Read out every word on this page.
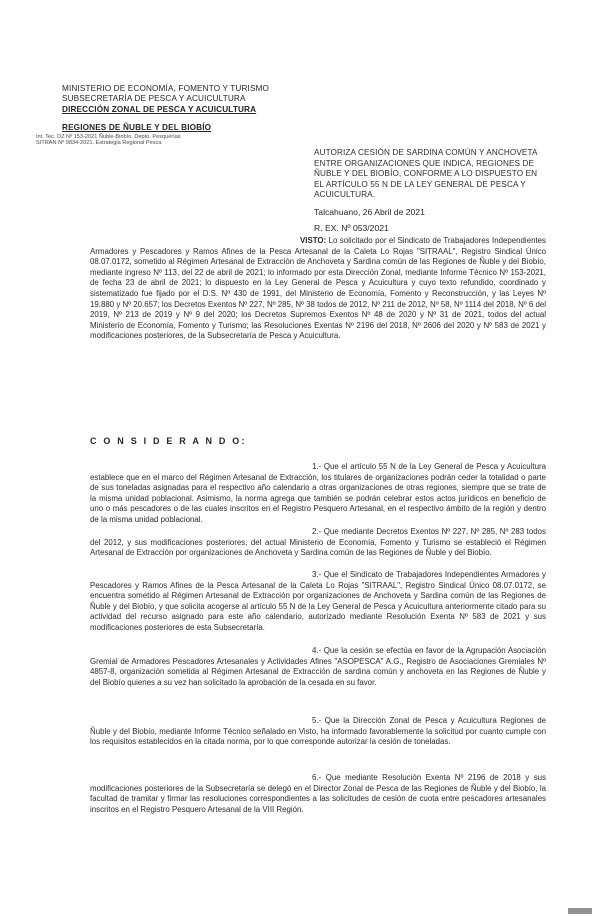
MINISTERIO DE ECONOMÍA, FOMENTO Y TURISMO
SUBSECRETARÍA DE PESCA Y ACUICULTURA
DIRECCIÓN ZONAL DE PESCA Y ACUICULTURA
REGIONES DE ÑUBLE Y DEL BIOBÍO
Int. Tec. DZ Nº 153-2021 Ñuble-Biobío. Depto. Pesquerías
SITRAN Nº 9834-2021. Estrategia Regional Pesca
AUTORIZA CESIÓN DE SARDINA COMÚN Y ANCHOVETA ENTRE ORGANIZACIONES QUE INDICA, REGIONES DE ÑUBLE Y DEL BIOBÍO, CONFORME A LO DISPUESTO EN EL ARTÍCULO 55 N DE LA LEY GENERAL DE PESCA Y ACUICULTURA.
Talcahuano, 26 Abril de 2021
R. EX. Nº 053/2021
VISTO: Lo solicitado por el Sindicato de Trabajadores Independientes Armadores y Pescadores y Ramos Afines de la Pesca Artesanal de la Caleta Lo Rojas "SITRAAL", Registro Sindical Único 08.07.0172, sometido al Régimen Artesanal de Extracción de Anchoveta y Sardina común de las Regiones de Ñuble y del Biobío, mediante ingreso Nº 113, del 22 de abril de 2021; lo informado por esta Dirección Zonal, mediante Informe Técnico Nº 153-2021, de fecha 23 de abril de 2021; lo dispuesto en la Ley General de Pesca y Acuicultura y cuyo texto refundido, coordinado y sistematizado fue fijado por el D.S. Nº 430 de 1991, del Ministerio de Economía, Fomento y Reconstrucción, y las Leyes Nº 19.880 y Nº 20.657; los Decretos Exentos Nº 227, Nº 285, Nº 38 todos de 2012, Nº 211 de 2012, Nº 58, Nº 1114 del 2018, Nº 6 del 2019, Nº 213 de 2019 y Nº 9 del 2020; los Decretos Supremos Exentos Nº 48 de 2020 y Nº 31 de 2021, todos del actual Ministerio de Economía, Fomento y Turismo; las Resoluciones Exentas Nº 2196 del 2018, Nº 2606 del 2020 y Nº 583 de 2021 y modificaciones posteriores, de la Subsecretaría de Pesca y Acuicultura.
C O N S I D E R A N D O:
1.- Que el artículo 55 N de la Ley General de Pesca y Acuicultura establece que en el marco del Régimen Artesanal de Extracción, los titulares de organizaciones podrán ceder la totalidad o parte de sus toneladas asignadas para el respectivo año calendario a otras organizaciones de otras regiones, siempre que se trate de la misma unidad poblacional. Asimismo, la norma agrega que también se podrán celebrar estos actos jurídicos en beneficio de uno o más pescadores o de las cuales inscritos en el Registro Pesquero Artesanal, en el respectivo ámbito de la región y dentro de la misma unidad poblacional.
2.- Que mediante Decretos Exentos Nº 227, Nº 285, Nº 283 todos del 2012, y sus modificaciones posteriores, del actual Ministerio de Economía, Fomento y Turismo se estableció el Régimen Artesanal de Extracción por organizaciones de Anchoveta y Sardina común de las Regiones de Ñuble y del Biobío.
3.- Que el Sindicato de Trabajadores Independientes Armadores y Pescadores y Ramos Afines de la Pesca Artesanal de la Caleta Lo Rojas "SITRAAL", Registro Sindical Único 08.07.0172, se encuentra sometido al Régimen Artesanal de Extracción por organizaciones de Anchoveta y Sardina común de las Regiones de Ñuble y del Biobío, y que solicita acogerse al artículo 55 N de la Ley General de Pesca y Acuicultura anteriormente citado para su actividad del recurso asignado para este año calendario, autorizado mediante Resolución Exenta Nº 583 de 2021 y sus modificaciones posteriores de esta Subsecretaría.
4.- Que la cesión se efectúa en favor de la Agrupación Asociación Gremial de Armadores Pescadores Artesanales y Actividades Afines "ASOPESCA" A.G., Registro de Asociaciones Gremiales Nº 4857-8, organización sometida al Régimen Artesanal de Extracción de sardina común y anchoveta en las Regiones de Ñuble y del Biobío quienes a su vez han solicitado la aprobación de la cesada en su favor.
5.- Que la Dirección Zonal de Pesca y Acuicultura Regiones de Ñuble y del Biobío, mediante Informe Técnico señalado en Visto, ha informado favorablemente la solicitud por cuanto cumple con los requisitos establecidos en la citada norma, por lo que corresponde autorizar la cesión de toneladas.
6.- Que mediante Resolución Exenta Nº 2196 de 2018 y sus modificaciones posteriores de la Subsecretaría se delegó en el Director Zonal de Pesca de las Regiones de Ñuble y del Biobío, la facultad de tramitar y firmar las resoluciones correspondientes a las solicitudes de cesión de cuota entre pescadores artesanales inscritos en el Registro Pesquero Artesanal de la VIII Región.
